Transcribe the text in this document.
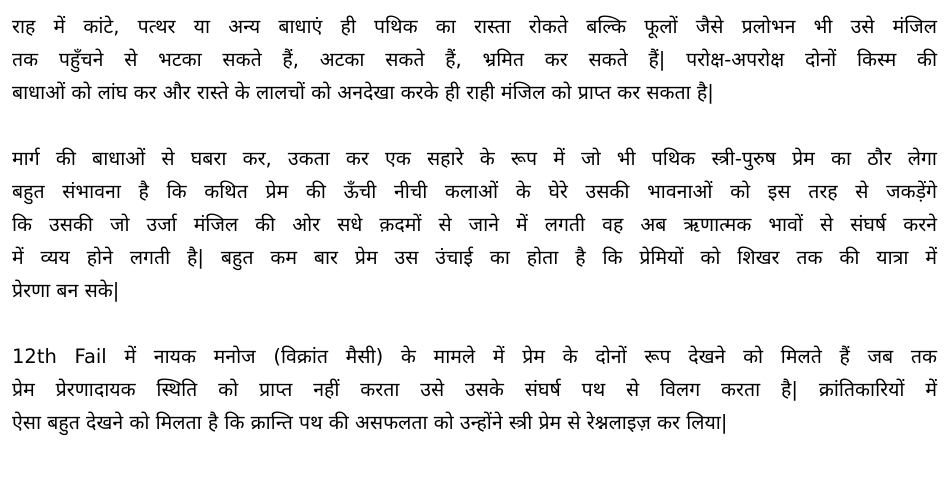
राह में कांटे, पत्थर या अन्य बाधाएं ही पथिक का रास्ता रोकते बल्कि फूलों जैसे प्रलोभन भी उसे मंजिल
तक पहुँचने से भटका सकते हैं, अटका सकते हैं, भ्रमित कर सकते हैं| परोक्ष-अपरोक्ष दोनों किस्म की
बाधाओं को लांघ कर और रास्ते के लालचों को अनदेखा करके ही राही मंजिल को प्राप्त कर सकता है|

मार्ग की बाधाओं से घबरा कर, उकता कर एक सहारे के रूप में जो भी पथिक स्त्री-पुरुष प्रेम का ठौर लेगा
बहुत संभावना है कि कथित प्रेम की ऊँची नीची कलाओं के घेरे उसकी भावनाओं को इस तरह से जकड़ेंगे
कि उसकी जो उर्जा मंजिल की ओर सधे क़दमों से जाने में लगती वह अब ऋणात्मक भावों से संघर्ष करने
में व्यय होने लगती है| बहुत कम बार प्रेम उस उंचाई का होता है कि प्रेमियों को शिखर तक की यात्रा में
प्रेरणा बन सके|

12th Fail में नायक मनोज (विक्रांत मैसी) के मामले में प्रेम के दोनों रूप देखने को मिलते हैं जब तक
प्रेम प्रेरणादायक स्थिति को प्राप्त नहीं करता उसे उसके संघर्ष पथ से विलग करता है| क्रांतिकारियों में
ऐसा बहुत देखने को मिलता है कि क्रान्ति पथ की असफलता को उन्होंने स्त्री प्रेम से रेश्नलाइज़ कर लिया|
